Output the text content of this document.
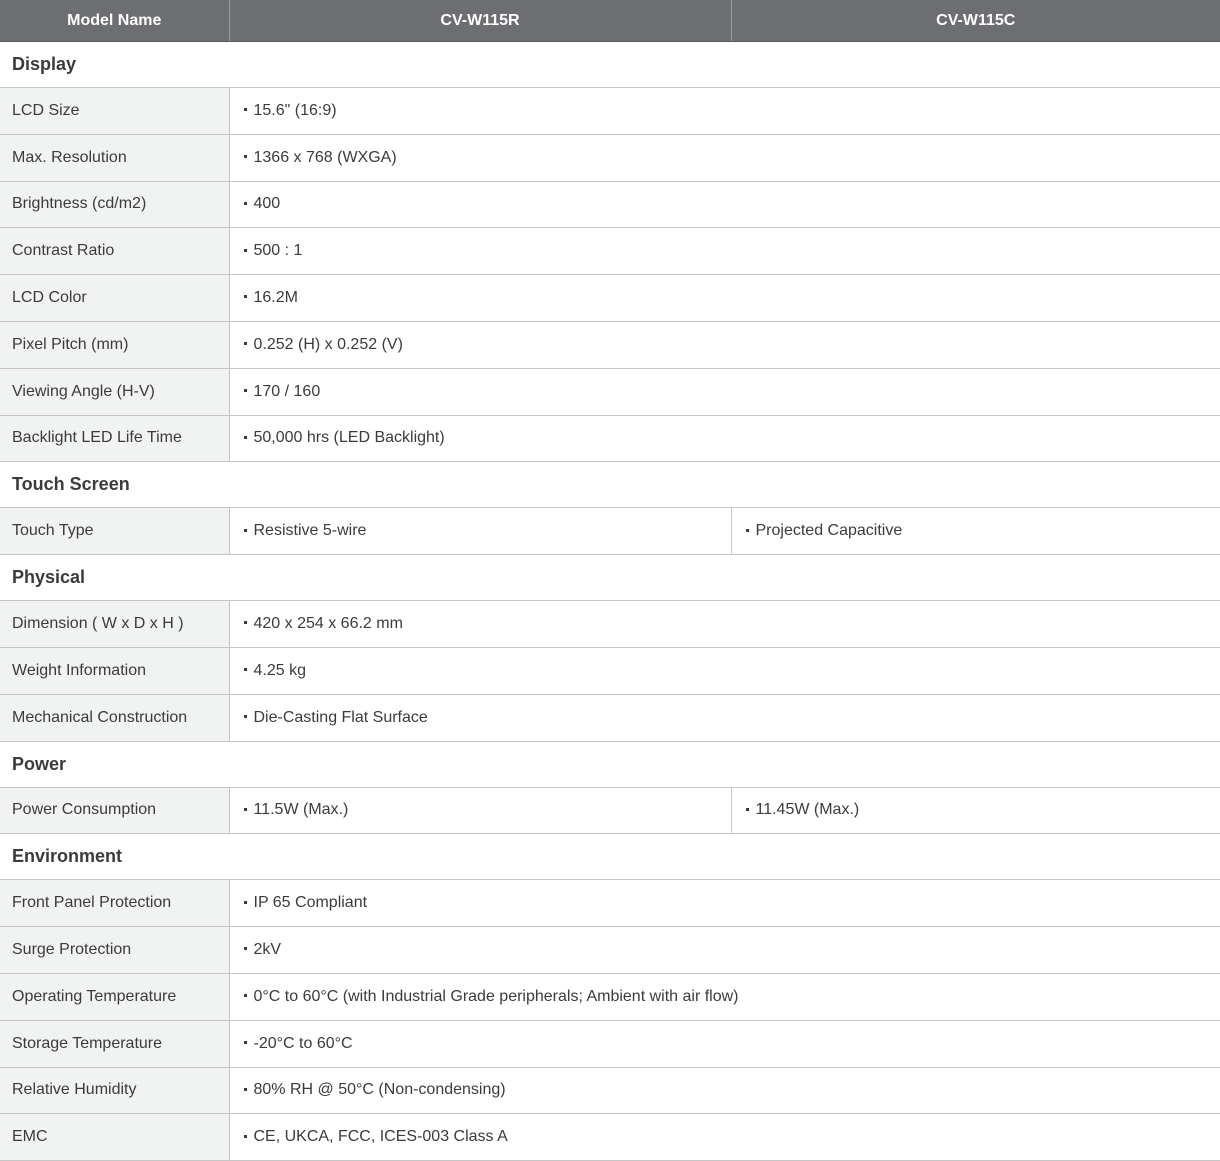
Model Name	CV-W115R	CV-W115C
Display		
LCD Size	15.6" (16:9)	
Max. Resolution	1366 x 768 (WXGA)	
Brightness (cd/m2)	400	
Contrast Ratio	500 : 1	
LCD Color	16.2M	
Pixel Pitch (mm)	0.252 (H) x 0.252 (V)	
Viewing Angle (H-V)	170 / 160	
Backlight LED Life Time	50,000 hrs (LED Backlight)	
Touch Screen		
Touch Type	Resistive 5-wire	Projected Capacitive
Physical		
Dimension ( W x D x H )	420 x 254 x 66.2 mm	
Weight Information	4.25 kg	
Mechanical Construction	Die-Casting Flat Surface	
Power		
Power Consumption	11.5W (Max.)	11.45W (Max.)
Environment		
Front Panel Protection	IP 65 Compliant	
Surge Protection	2kV	
Operating Temperature	0°C to 60°C (with Industrial Grade peripherals; Ambient with air flow)	
Storage Temperature	-20°C to 60°C	
Relative Humidity	80% RH @ 50°C (Non-condensing)	
EMC	CE, UKCA, FCC, ICES-003 Class A	
